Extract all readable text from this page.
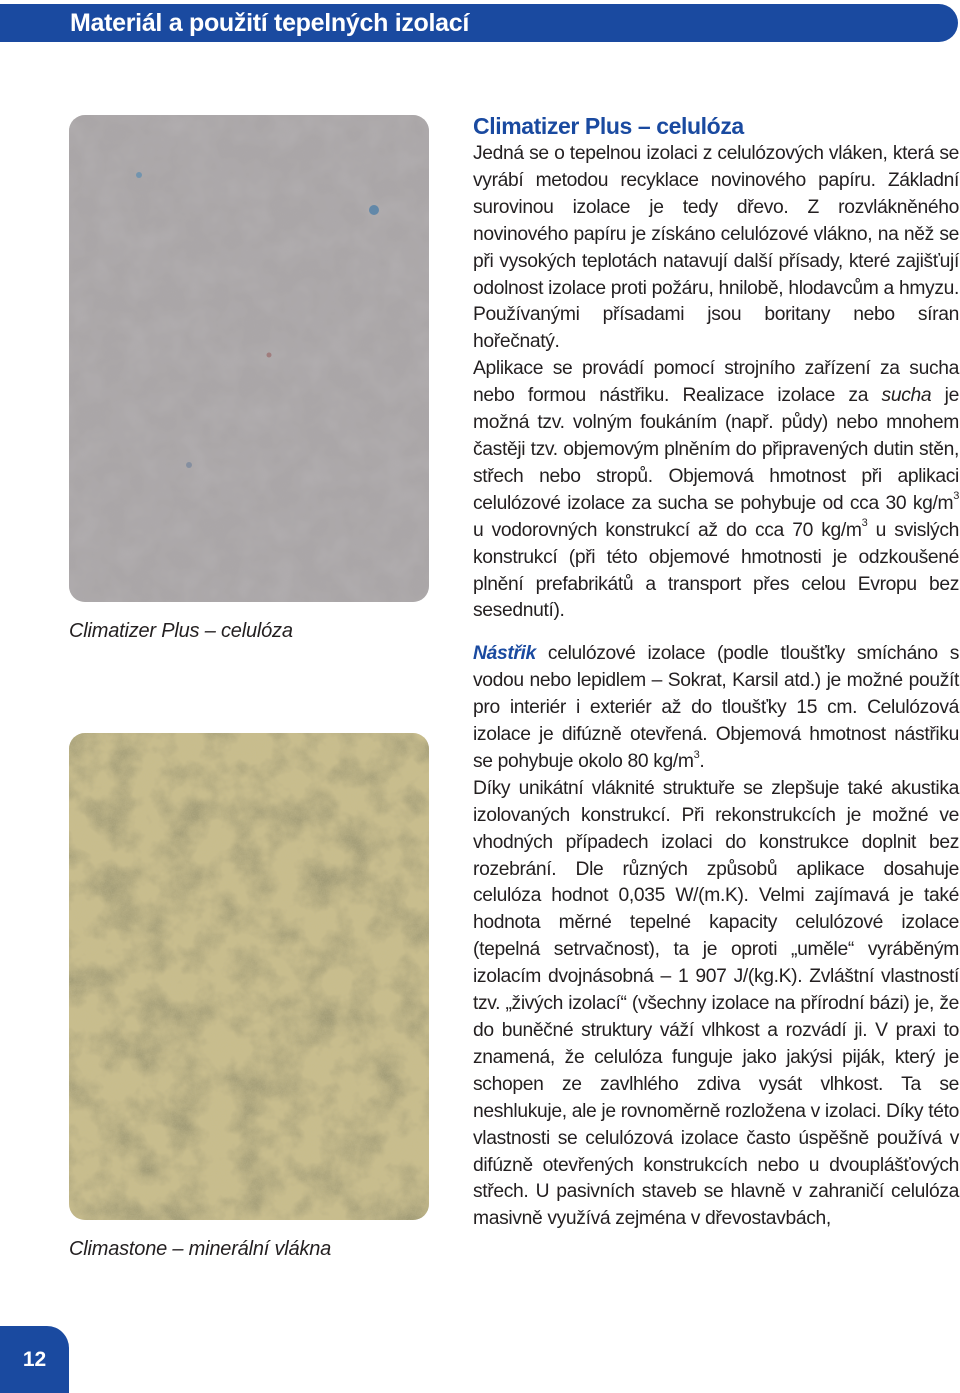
Materiál a použití tepelných izolací
Climatizer Plus – celulóza
Climastone – minerální vlákna
Climatizer Plus – celulóza

Jedná se o tepelnou izolaci z celulózových vláken, která se vyrábí metodou recyklace novinového papíru. Základní surovinou izolace je tedy dřevo. Z rozvlákněného novinového papíru je získáno celulózové vlákno, na něž se při vysokých teplotách natavují další přísady, které zajišťují odolnost izolace proti požáru, hnilobě, hlodavcům a hmyzu. Používanými přísadami jsou boritany nebo síran hořečnatý.

Aplikace se provádí pomocí strojního zařízení za sucha nebo formou nástřiku. Realizace izolace za sucha je možná tzv. volným foukáním (např. půdy) nebo mnohem častěji tzv. objemovým plněním do připravených dutin stěn, střech nebo stropů. Objemová hmotnost při aplikaci celulózové izolace za sucha se pohybuje od cca 30 $kg/m^3$ u vodorovných konstrukcí až do cca 70 $kg/m^3$ u svislých konstrukcí (při této objemové hmotnosti je odzkoušené plnění prefabrikátů a transport přes celou Evropu bez sesednutí).

Nástřik celulózové izolace (podle tloušťky smícháno s vodou nebo lepidlem – Sokrat, Karsil atd.) je možné použít pro interiér i exteriér až do tloušťky 15 cm. Celulózová izolace je difúzně otevřená. Objemová hmotnost nástřiku se pohybuje okolo 80 $kg/m^3$.

Díky unikátní vláknité struktuře se zlepšuje také akustika izolovaných konstrukcí. Při rekonstrukcích je možné ve vhodných případech izolaci do konstrukce doplnit bez rozebrání. Dle různých způsobů aplikace dosahuje celulóza hodnot 0,035 W/(m.K). Velmi zajímavá je také hodnota měrné tepelné kapacity celulózové izolace (tepelná setrvačnost), ta je oproti „uměle“ vyráběným izolacím dvojnásobná – 1 907 J/(kg.K). Zvláštní vlastností tzv. „živých izolací“ (všechny izolace na přírodní bázi) je, že do buněčné struktury váží vlhkost a rozvádí ji. V praxi to znamená, že celulóza funguje jako jakýsi piják, který je schopen ze zavlhlého zdiva vysát vlhkost. Ta se neshlukuje, ale je rovnoměrně rozložena v izolaci. Díky této vlastnosti se celulózová izolace často úspěšně používá v difúzně otevřených konstrukcích nebo u dvouplášťových střech. U pasivních staveb se hlavně v zahraničí celulóza masivně využívá zejména v dřevostavbách,

12
